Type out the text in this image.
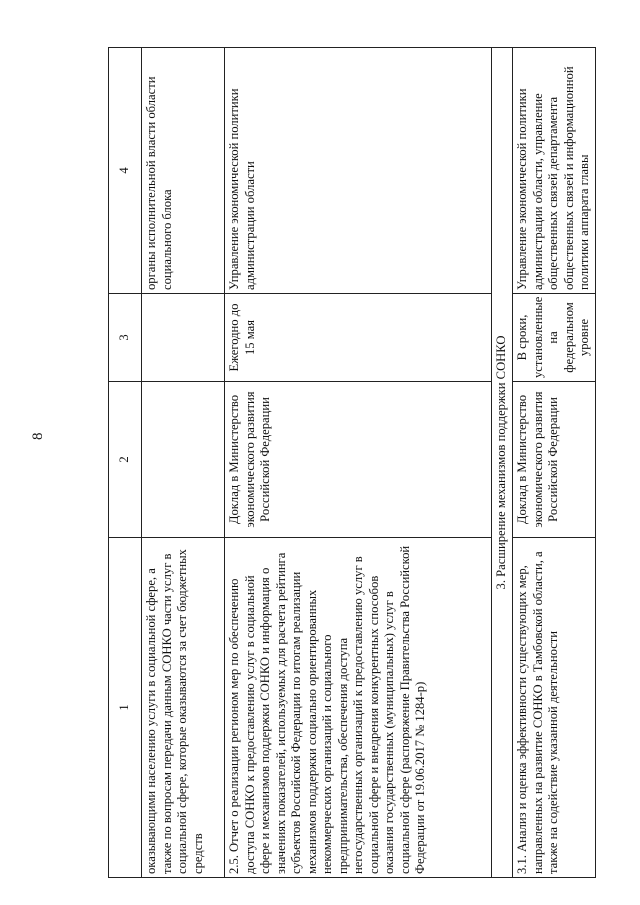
8
1	2	3	4
оказывающими населению услуги в социальной сфере, а также по вопросам передачи данным СОНКО части услуг в социальной сфере, которые оказываются за счет бюджетных средств			органы исполнительной власти области социального блока
2.5. Отчет о реализации регионом мер по обеспечению доступа СОНКО к предоставлению услуг в социальной сфере и механизмов поддержки СОНКО и информация о значениях показателей, используемых для расчета рейтинга субъектов Российской Федерации по итогам реализации механизмов поддержки социально ориентированных некоммерческих организаций и социального предпринимательства, обеспечения доступа негосударственных организаций к предоставлению услуг в социальной сфере и внедрения конкурентных способов оказания государственных (муниципальных) услуг в социальной сфере (распоряжение Правительства Российской Федерации от 19.06.2017 № 1284-р)	Доклад в Министерство экономического развития Российской Федерации	Ежегодно до 15 мая	Управление экономической политики администрации области
3. Расширение механизмов поддержки СОНКО			
3.1. Анализ и оценка эффективности существующих мер, направленных на развитие СОНКО в Тамбовской области, а также на содействие указанной деятельности	Доклад в Министерство экономического развития Российской Федерации	В сроки, установленные на федеральном уровне	Управление экономической политики администрации области, управление общественных связей департамента общественных связей и информационной политики аппарата главы
